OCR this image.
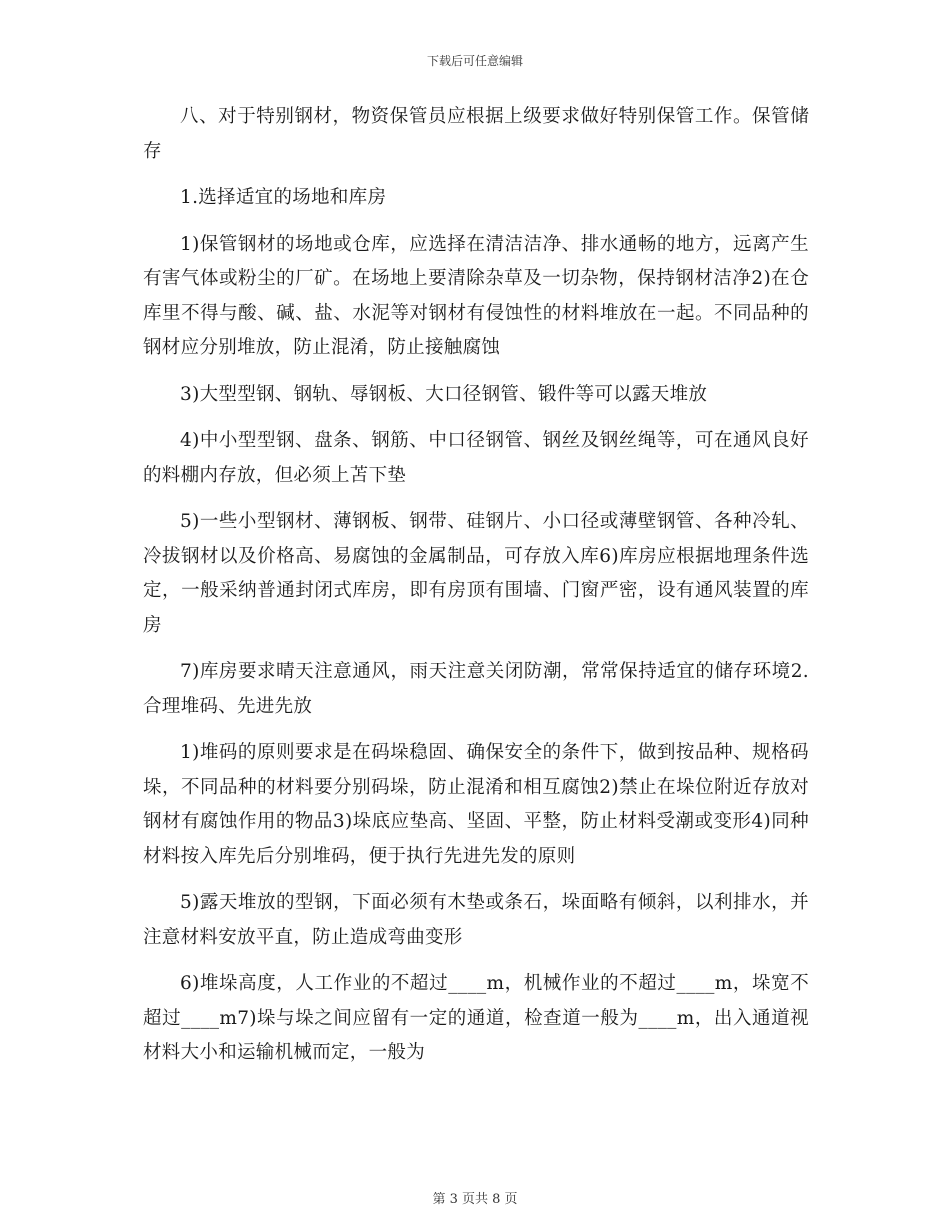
下载后可任意编辑

八、对于特别钢材，物资保管员应根据上级要求做好特别保管工作。保管储存

1.选择适宜的场地和库房

1)保管钢材的场地或仓库，应选择在清洁洁净、排水通畅的地方，远离产生有害气体或粉尘的厂矿。在场地上要清除杂草及一切杂物，保持钢材洁净2)在仓库里不得与酸、碱、盐、水泥等对钢材有侵蚀性的材料堆放在一起。不同品种的钢材应分别堆放，防止混淆，防止接触腐蚀

3)大型型钢、钢轨、辱钢板、大口径钢管、锻件等可以露天堆放

4)中小型型钢、盘条、钢筋、中口径钢管、钢丝及钢丝绳等，可在通风良好的料棚内存放，但必须上苫下垫

5)一些小型钢材、薄钢板、钢带、硅钢片、小口径或薄壁钢管、各种冷轧、冷拔钢材以及价格高、易腐蚀的金属制品，可存放入库6)库房应根据地理条件选定，一般采纳普通封闭式库房，即有房顶有围墙、门窗严密，设有通风装置的库房

7)库房要求晴天注意通风，雨天注意关闭防潮，常常保持适宜的储存环境2.合理堆码、先进先放

1)堆码的原则要求是在码垛稳固、确保安全的条件下，做到按品种、规格码垛，不同品种的材料要分别码垛，防止混淆和相互腐蚀2)禁止在垛位附近存放对钢材有腐蚀作用的物品3)垛底应垫高、坚固、平整，防止材料受潮或变形4)同种材料按入库先后分别堆码，便于执行先进先发的原则

5)露天堆放的型钢，下面必须有木垫或条石，垛面略有倾斜，以利排水，并注意材料安放平直，防止造成弯曲变形

6)堆垛高度，人工作业的不超过____m，机械作业的不超过____m，垛宽不超过____m7)垛与垛之间应留有一定的通道，检查道一般为____m，出入通道视材料大小和运输机械而定，一般为

第 3 页共 8 页
